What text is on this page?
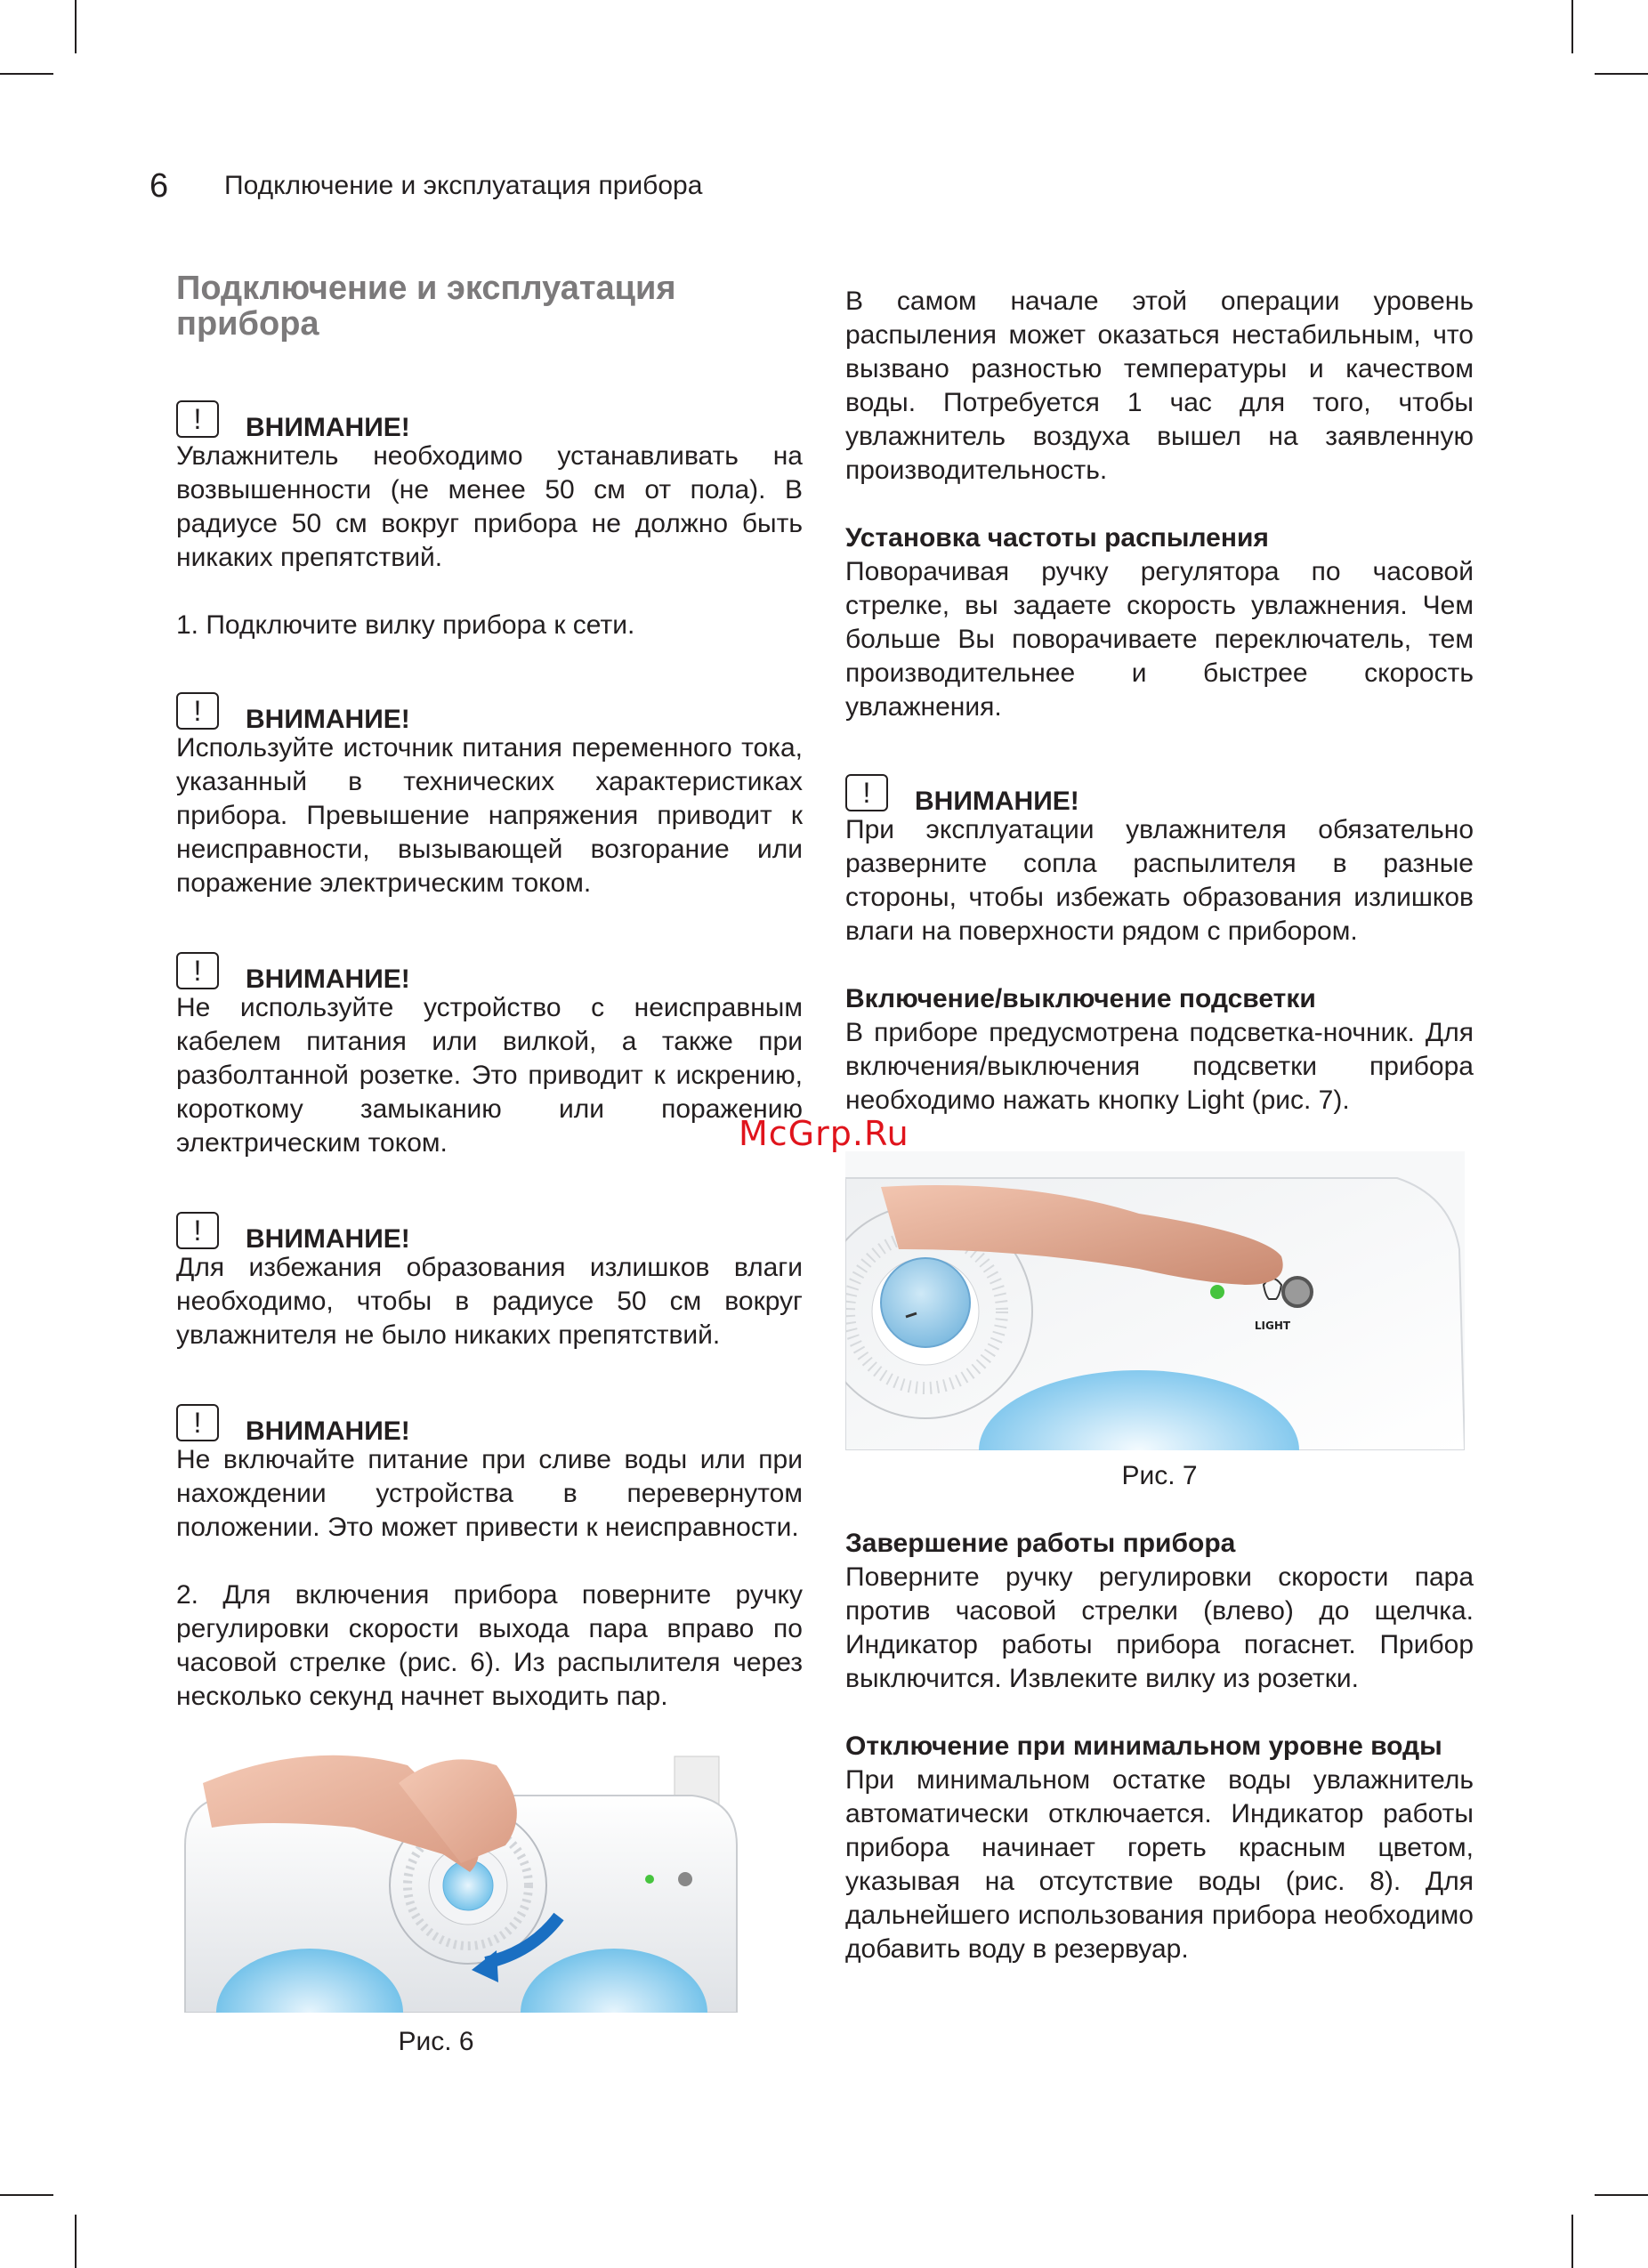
6 Подключение и эксплуатация прибора
Подключение и эксплуатация прибора
!	ВНИМАНИЕ!

Увлажнитель необходимо устанавливать на возвышенности (не менее 50 см от пола). В радиусе 50 см вокруг прибора не должно быть никаких препятствий.

1. Подключите вилку прибора к сети.

!	ВНИМАНИЕ!

Используйте источник питания переменного тока, указанный в технических характеристиках прибора. Превышение напряжения приводит к неисправности, вызывающей возгорание или поражение электрическим током.

!	ВНИМАНИЕ!

Не используйте устройство с неисправным кабелем питания или вилкой, а также при разболтанной розетке. Это приводит к искрению, короткому замыканию или поражению электрическим током.

!	ВНИМАНИЕ!

Для избежания образования излишков влаги необходимо, чтобы в радиусе 50 см вокруг увлажнителя не было никаких препятствий.

!	ВНИМАНИЕ!

Не включайте питание при сливе воды или при нахождении устройства в перевернутом положении. Это может привести к неисправности.

2. Для включения прибора поверните ручку регулировки скорости выхода пара вправо по часовой стрелке (рис. 6). Из распылителя через несколько секунд начнет выходить пар.

Рис. 6

В самом начале этой операции уровень распыления может оказаться нестабильным, что вызвано разностью температуры и качеством воды. Потребуется 1 час для того, чтобы увлажнитель воздуха вышел на заявленную производительность.

Установка частоты распыления

Поворачивая ручку регулятора по часовой стрелке, вы задаете скорость увлажнения. Чем больше Вы поворачиваете переключатель, тем производительнее и быстрее скорость увлажнения.

!	ВНИМАНИЕ!

При эксплуатации увлажнителя обязательно разверните сопла распылителя в разные стороны, чтобы избежать образования излишков влаги на поверхности рядом с прибором.

Включение/выключение подсветки

В приборе предусмотрена подсветка-ночник. Для включения/выключения подсветки прибора необходимо нажать кнопку Light (рис. 7).

LIGHT
Рис. 7
Завершение работы прибора

Поверните ручку регулировки скорости пара против часовой стрелки (влево) до щелчка. Индикатор работы прибора погаснет. Прибор выключится. Извлеките вилку из розетки.

Отключение при минимальном уровне воды

При минимальном остатке воды увлажнитель автоматически отключается. Индикатор работы прибора начинает гореть красным цветом, указывая на отсутствие воды (рис. 8). Для дальнейшего использования прибора необходимо добавить воду в резервуар.

McGrp.Ru
